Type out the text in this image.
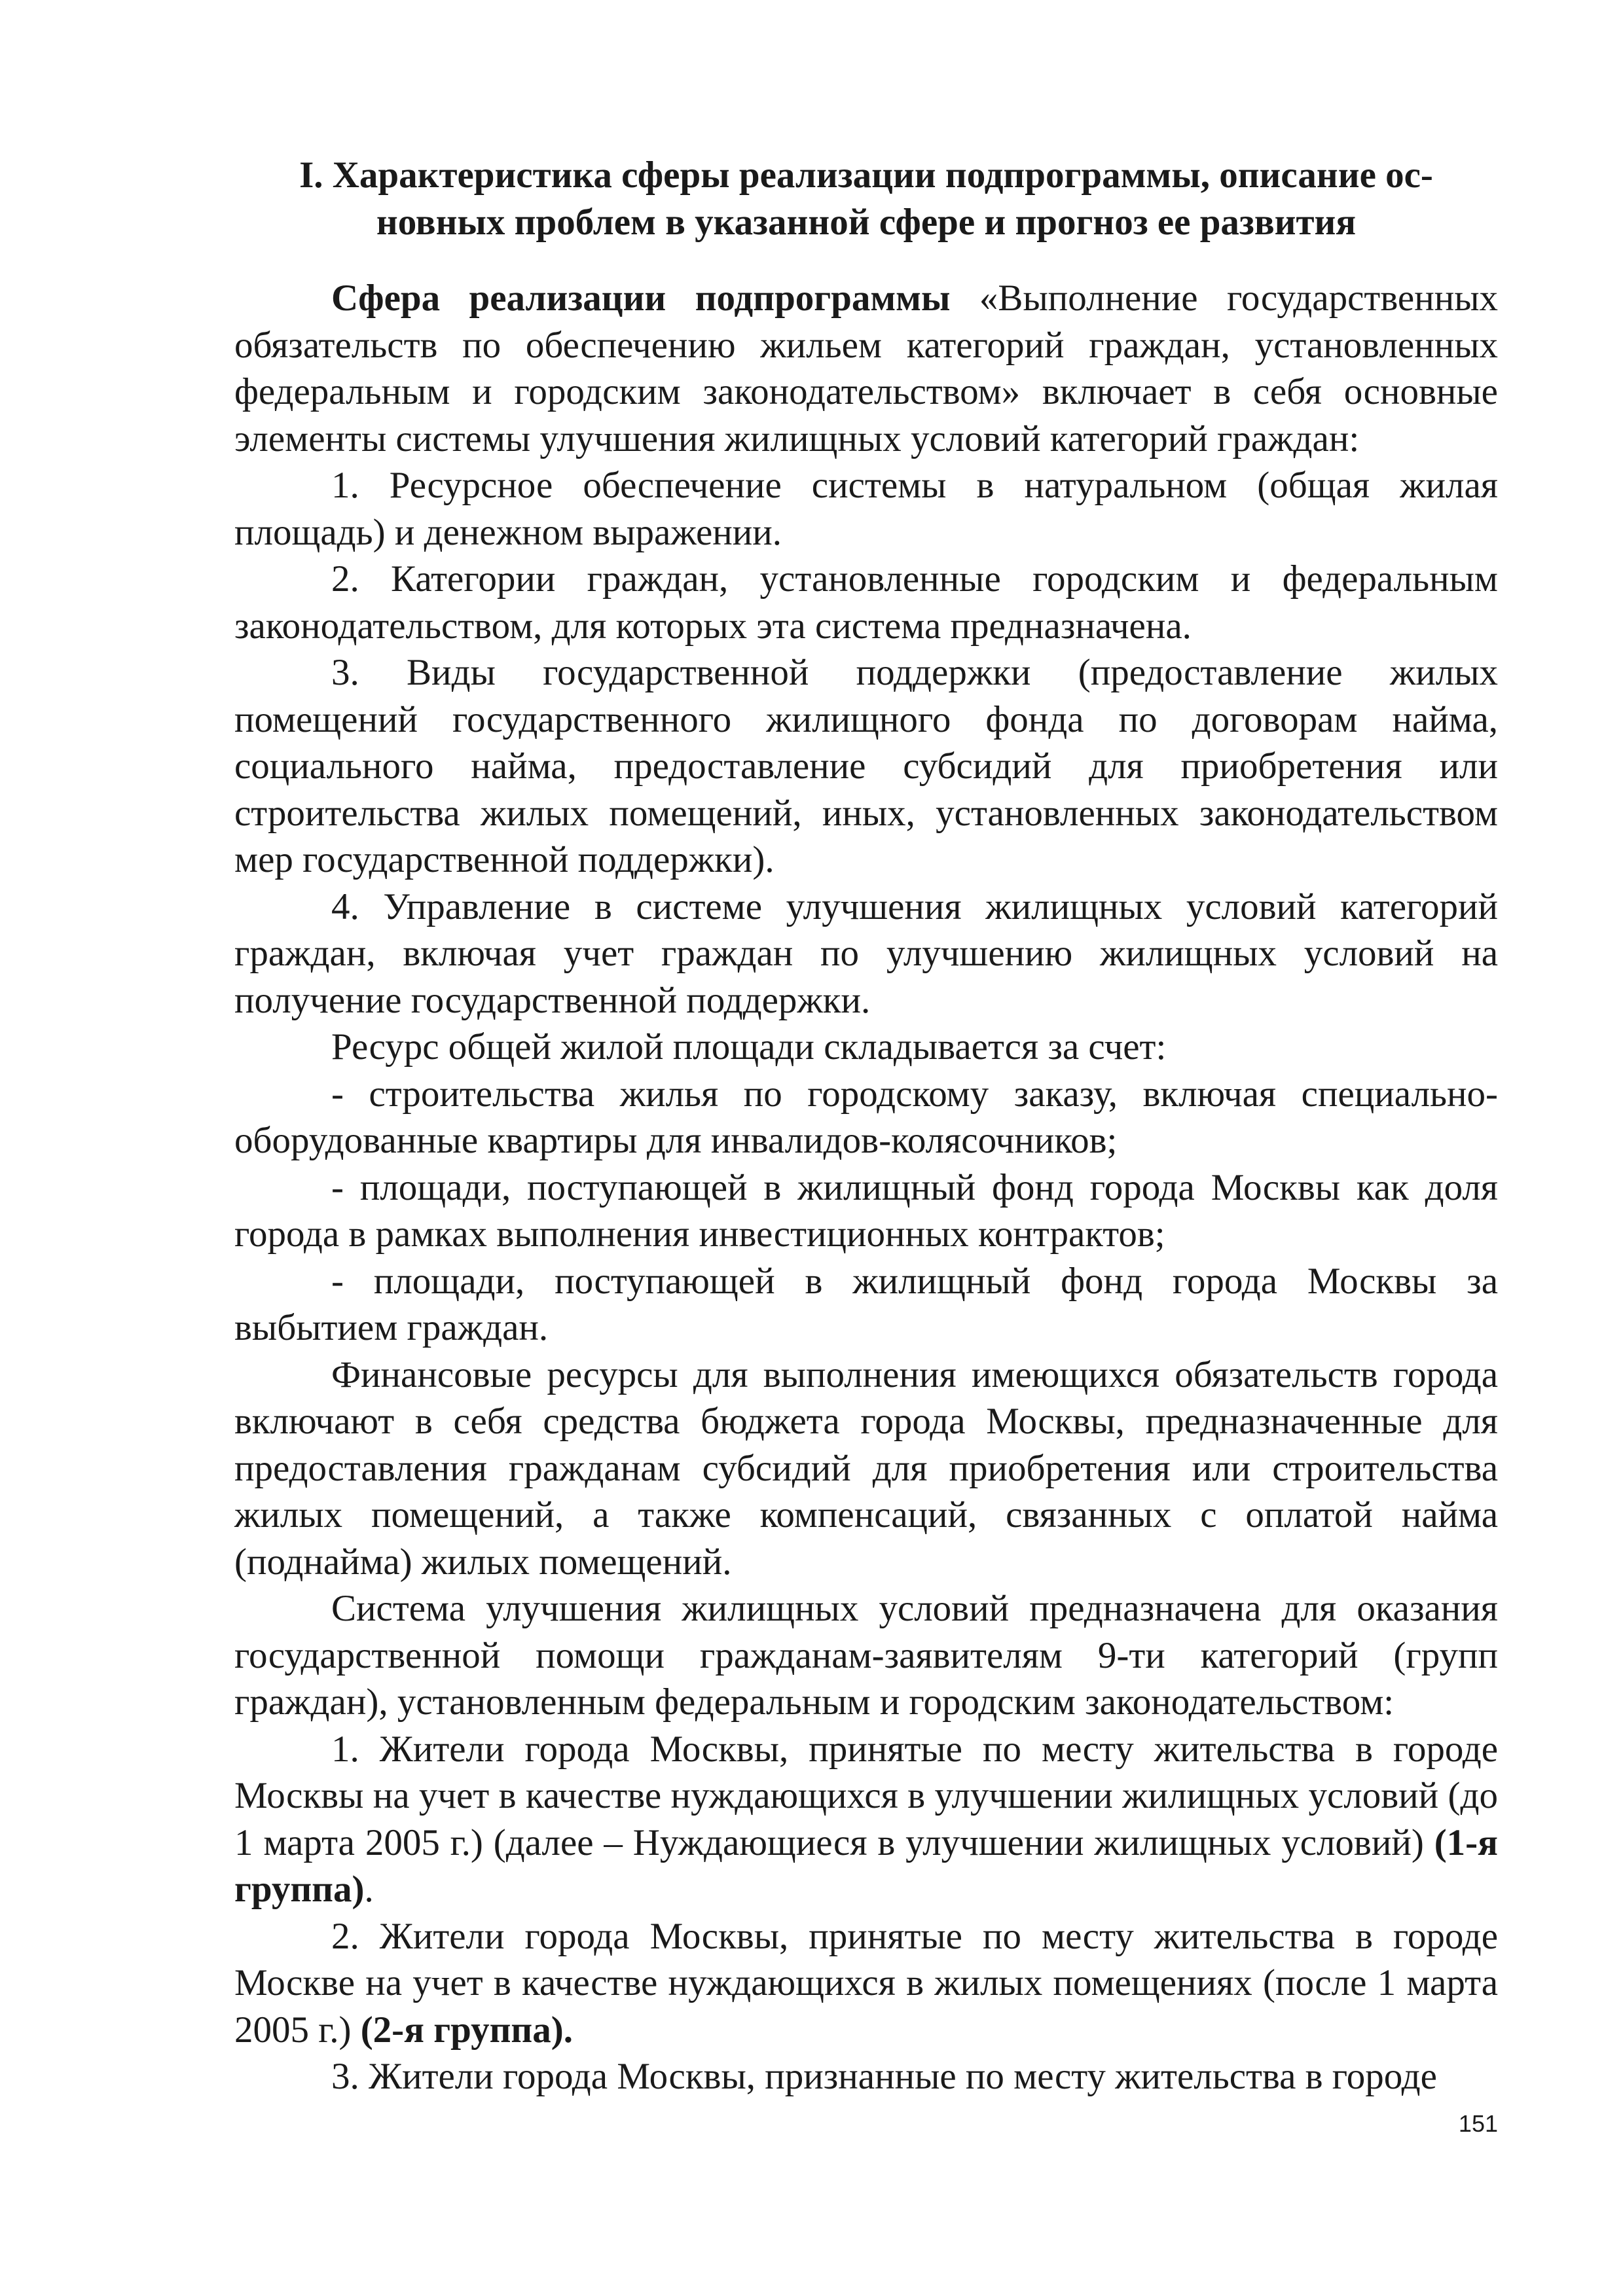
I. Характеристика сферы реализации подпрограммы, описание ос-
новных проблем в указанной сфере и прогноз ее развития

Сфера реализации подпрограммы «Выполнение государственных обязательств по обеспечению жильем категорий граждан, установленных федеральным и городским законодательством» включает в себя основные элементы системы улучшения жилищных условий категорий граждан:

1. Ресурсное обеспечение системы в натуральном (общая жилая площадь) и денежном выражении.

2. Категории граждан, установленные городским и федеральным законодательством, для которых эта система предназначена.

3. Виды государственной поддержки (предоставление жилых помещений государственного жилищного фонда по договорам найма, социального найма, предоставление субсидий для приобретения или строительства жилых помещений, иных, установленных законодательством мер государственной поддержки).

4. Управление в системе улучшения жилищных условий категорий граждан, включая учет граждан по улучшению жилищных условий на получение государственной поддержки.

Ресурс общей жилой площади складывается за счет:

- строительства жилья по городскому заказу, включая специально-оборудованные квартиры для инвалидов-колясочников;

- площади, поступающей в жилищный фонд города Москвы как доля города в рамках выполнения инвестиционных контрактов;

- площади, поступающей в жилищный фонд города Москвы за выбытием граждан.

Финансовые ресурсы для выполнения имеющихся обязательств города включают в себя средства бюджета города Москвы, предназначенные для предоставления гражданам субсидий для приобретения или строительства жилых помещений, а также компенсаций, связанных с оплатой найма (поднайма) жилых помещений.

Система улучшения жилищных условий предназначена для оказания государственной помощи гражданам-заявителям 9-ти категорий (групп граждан), установленным федеральным и городским законодательством:

1. Жители города Москвы, принятые по месту жительства в городе Москвы на учет в качестве нуждающихся в улучшении жилищных условий (до 1 марта 2005 г.) (далее – Нуждающиеся в улучшении жилищных условий) (1-я группа).

2. Жители города Москвы, принятые по месту жительства в городе Москве на учет в качестве нуждающихся в жилых помещениях (после 1 марта 2005 г.) (2-я группа).

3. Жители города Москвы, признанные по месту жительства в городе

151
